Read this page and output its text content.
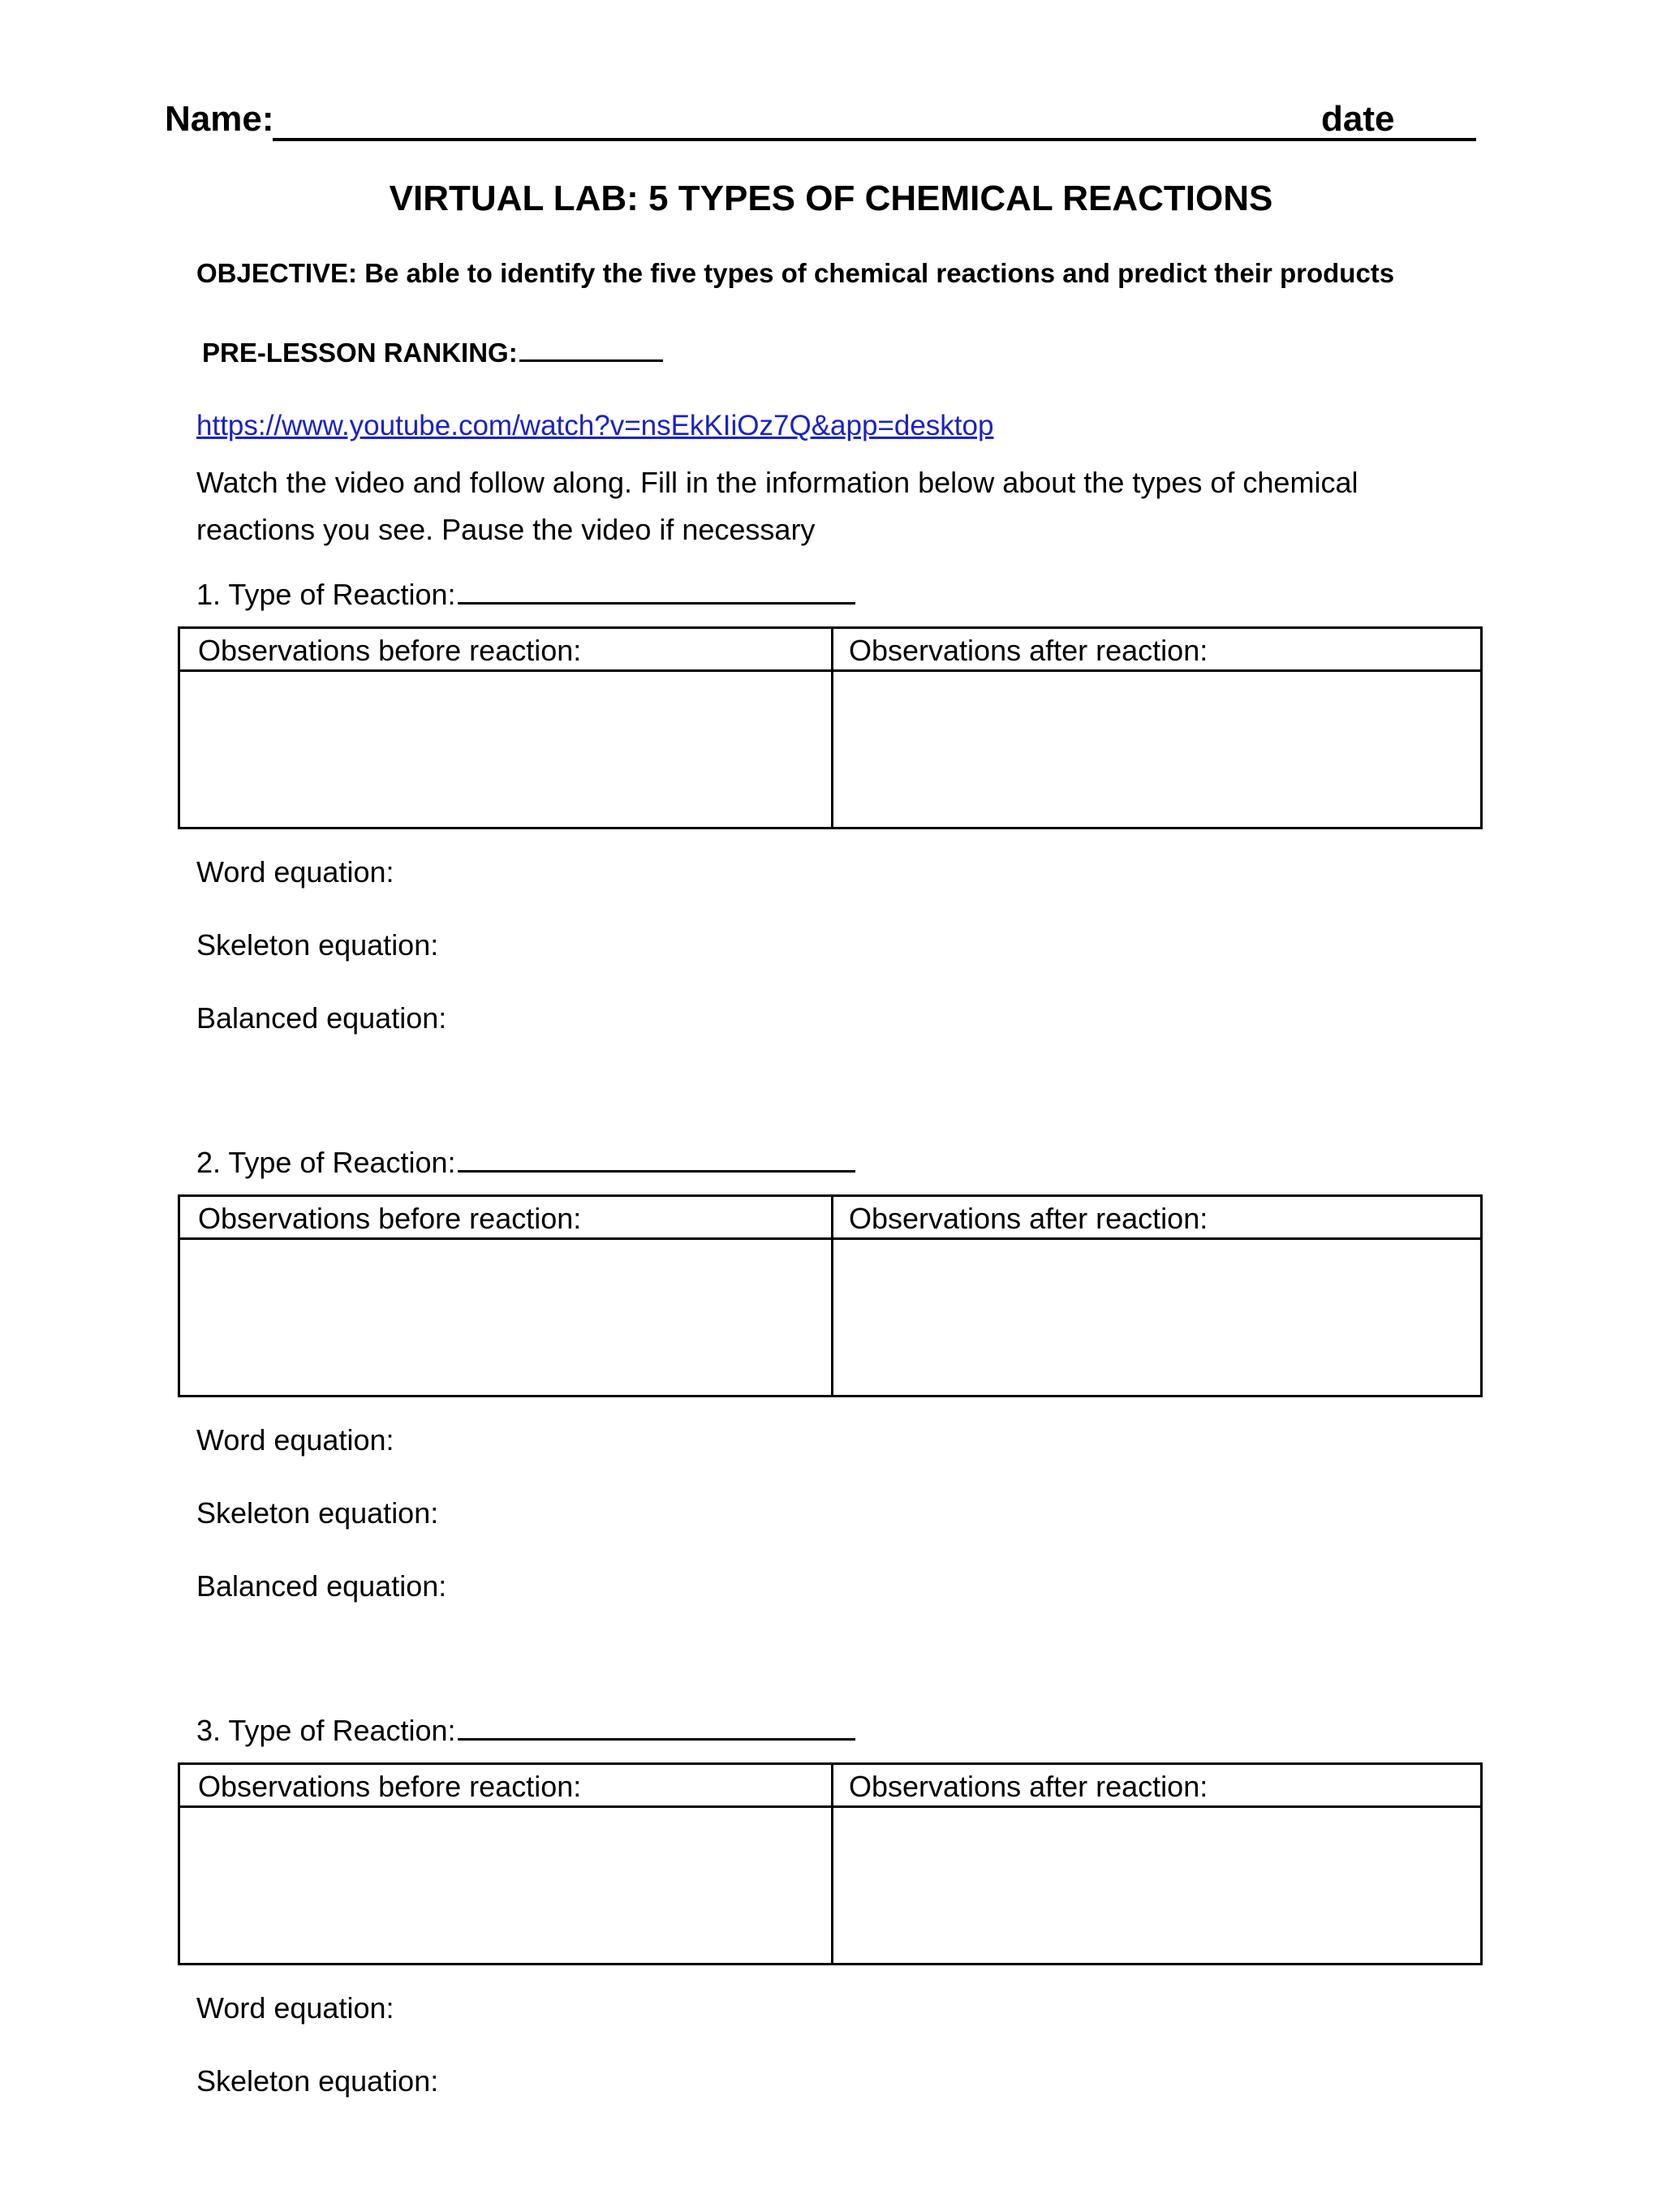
Name:	date
VIRTUAL LAB: 5 TYPES OF CHEMICAL REACTIONS
OBJECTIVE: Be able to identify the five types of chemical reactions and predict their products
PRE-LESSON RANKING:
https://www.youtube.com/watch?v=nsEkKIiOz7Q&app=desktop
Watch the video and follow along. Fill in the information below about the types of chemical reactions you see. Pause the video if necessary
1. Type of Reaction:
Observations before reaction:	Observations after reaction:
Word equation:
Skeleton equation:
Balanced equation:
2. Type of Reaction:
Observations before reaction:	Observations after reaction:
Word equation:
Skeleton equation:
Balanced equation:
3. Type of Reaction:
Observations before reaction:	Observations after reaction:
Word equation:
Skeleton equation:
